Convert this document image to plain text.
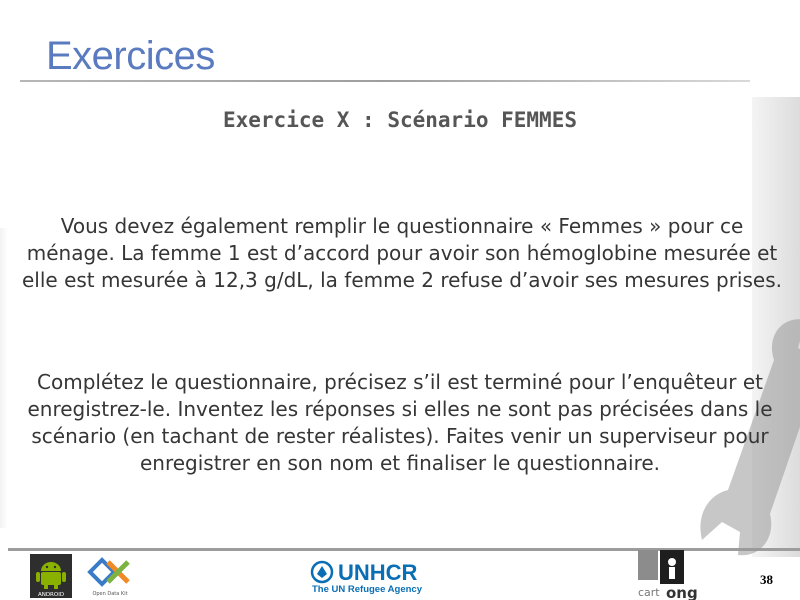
Exercices
Exercice X : Scénario FEMMES
Vous devez également remplir le questionnaire « Femmes » pour ce ménage. La femme 1 est d’accord pour avoir son hémoglobine mesurée et elle est mesurée à 12,3 g/dL, la femme 2 refuse d’avoir ses mesures prises.
Complétez le questionnaire, précisez s’il est terminé pour l’enquêteur et enregistrez-le. Inventez les réponses si elles ne sont pas précisées dans le scénario (en tachant de rester réalistes). Faites venir un superviseur pour enregistrer en son nom et finaliser le questionnaire.
ANDROID	Open Data Kit
UNHCR
The UN Refugee Agency	cart ong
38
